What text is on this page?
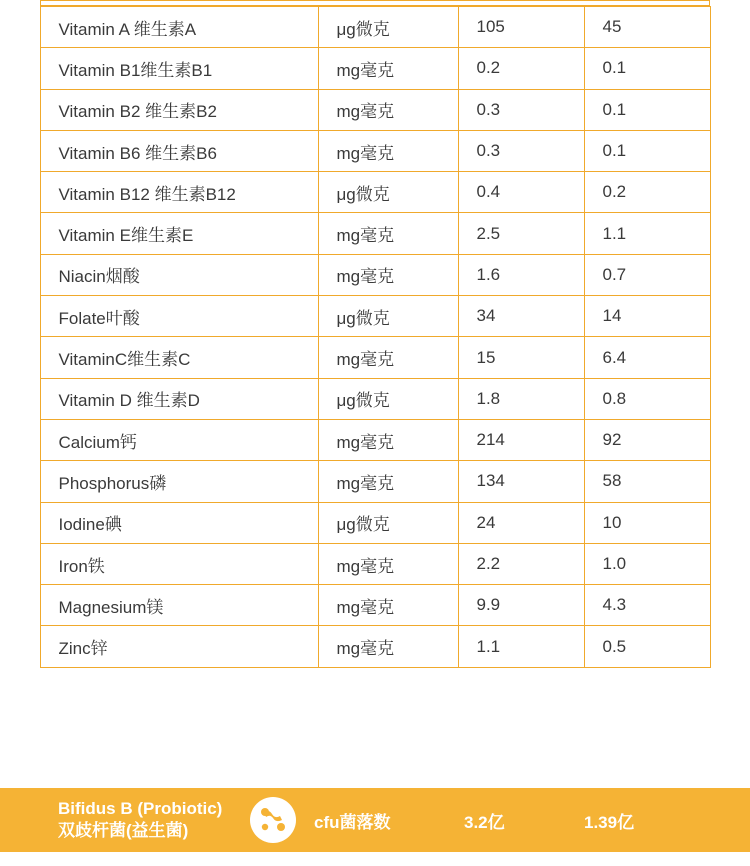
Vitamin A 维生素A	μg微克	105	45
Vitamin B1维生素B1	mg毫克	0.2	0.1
Vitamin B2 维生素B2	mg毫克	0.3	0.1
Vitamin B6 维生素B6	mg毫克	0.3	0.1
Vitamin B12 维生素B12	μg微克	0.4	0.2
Vitamin E维生素E	mg毫克	2.5	1.1
Niacin烟酸	mg毫克	1.6	0.7
Folate叶酸	μg微克	34	14
VitaminC维生素C	mg毫克	15	6.4
Vitamin D 维生素D	μg微克	1.8	0.8
Calcium钙	mg毫克	214	92
Phosphorus磷	mg毫克	134	58
Iodine碘	μg微克	24	10
Iron铁	mg毫克	2.2	1.0
Magnesium镁	mg毫克	9.9	4.3
Zinc锌	mg毫克	1.1	0.5
Bifidus B (Probiotic)
双歧杆菌(益生菌)	cfu菌落数	3.2亿	1.39亿
